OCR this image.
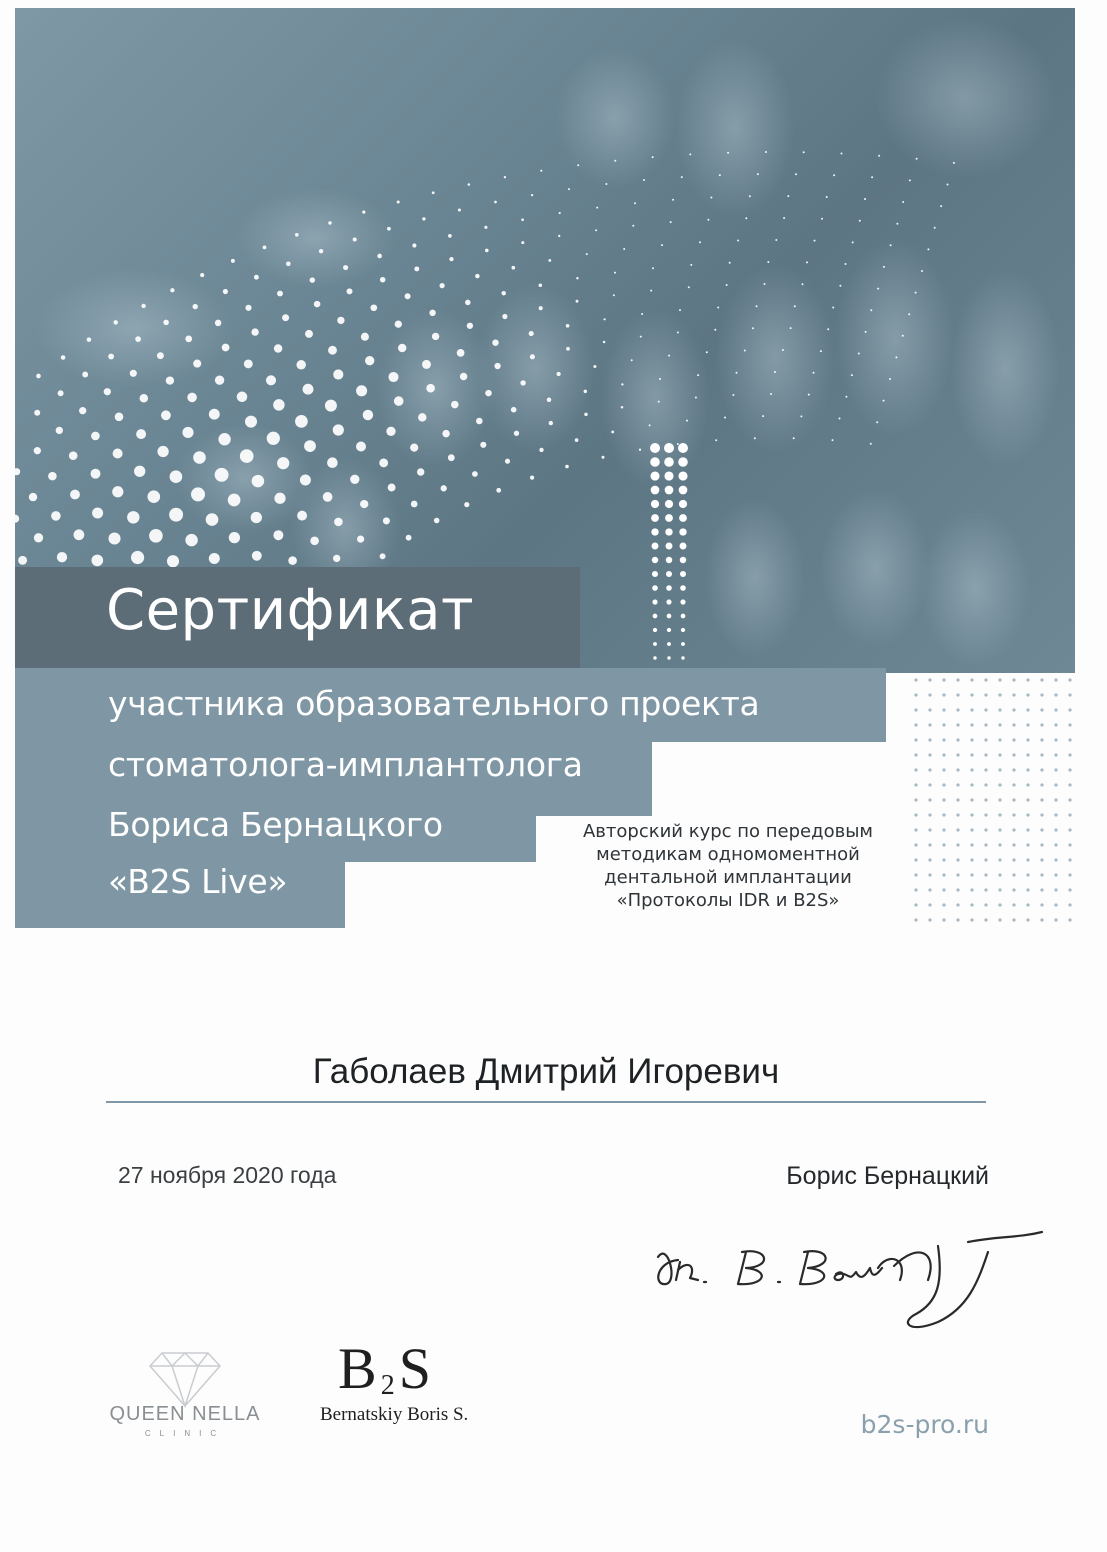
Сертификат
участника образовательного проекта
стоматолога-имплантолога
Бориса Бернацкого
«B2S Live»
Авторский курс по передовым
методикам одномоментной
дентальной имплантации
«Протоколы IDR и B2S»
Габолаев Дмитрий Игоревич
27 ноября 2020 года	Борис Бернацкий
QUEEN NELLA
CLINIC
$B_2S$
Bernatskiy Boris S.	b2s-pro.ru
